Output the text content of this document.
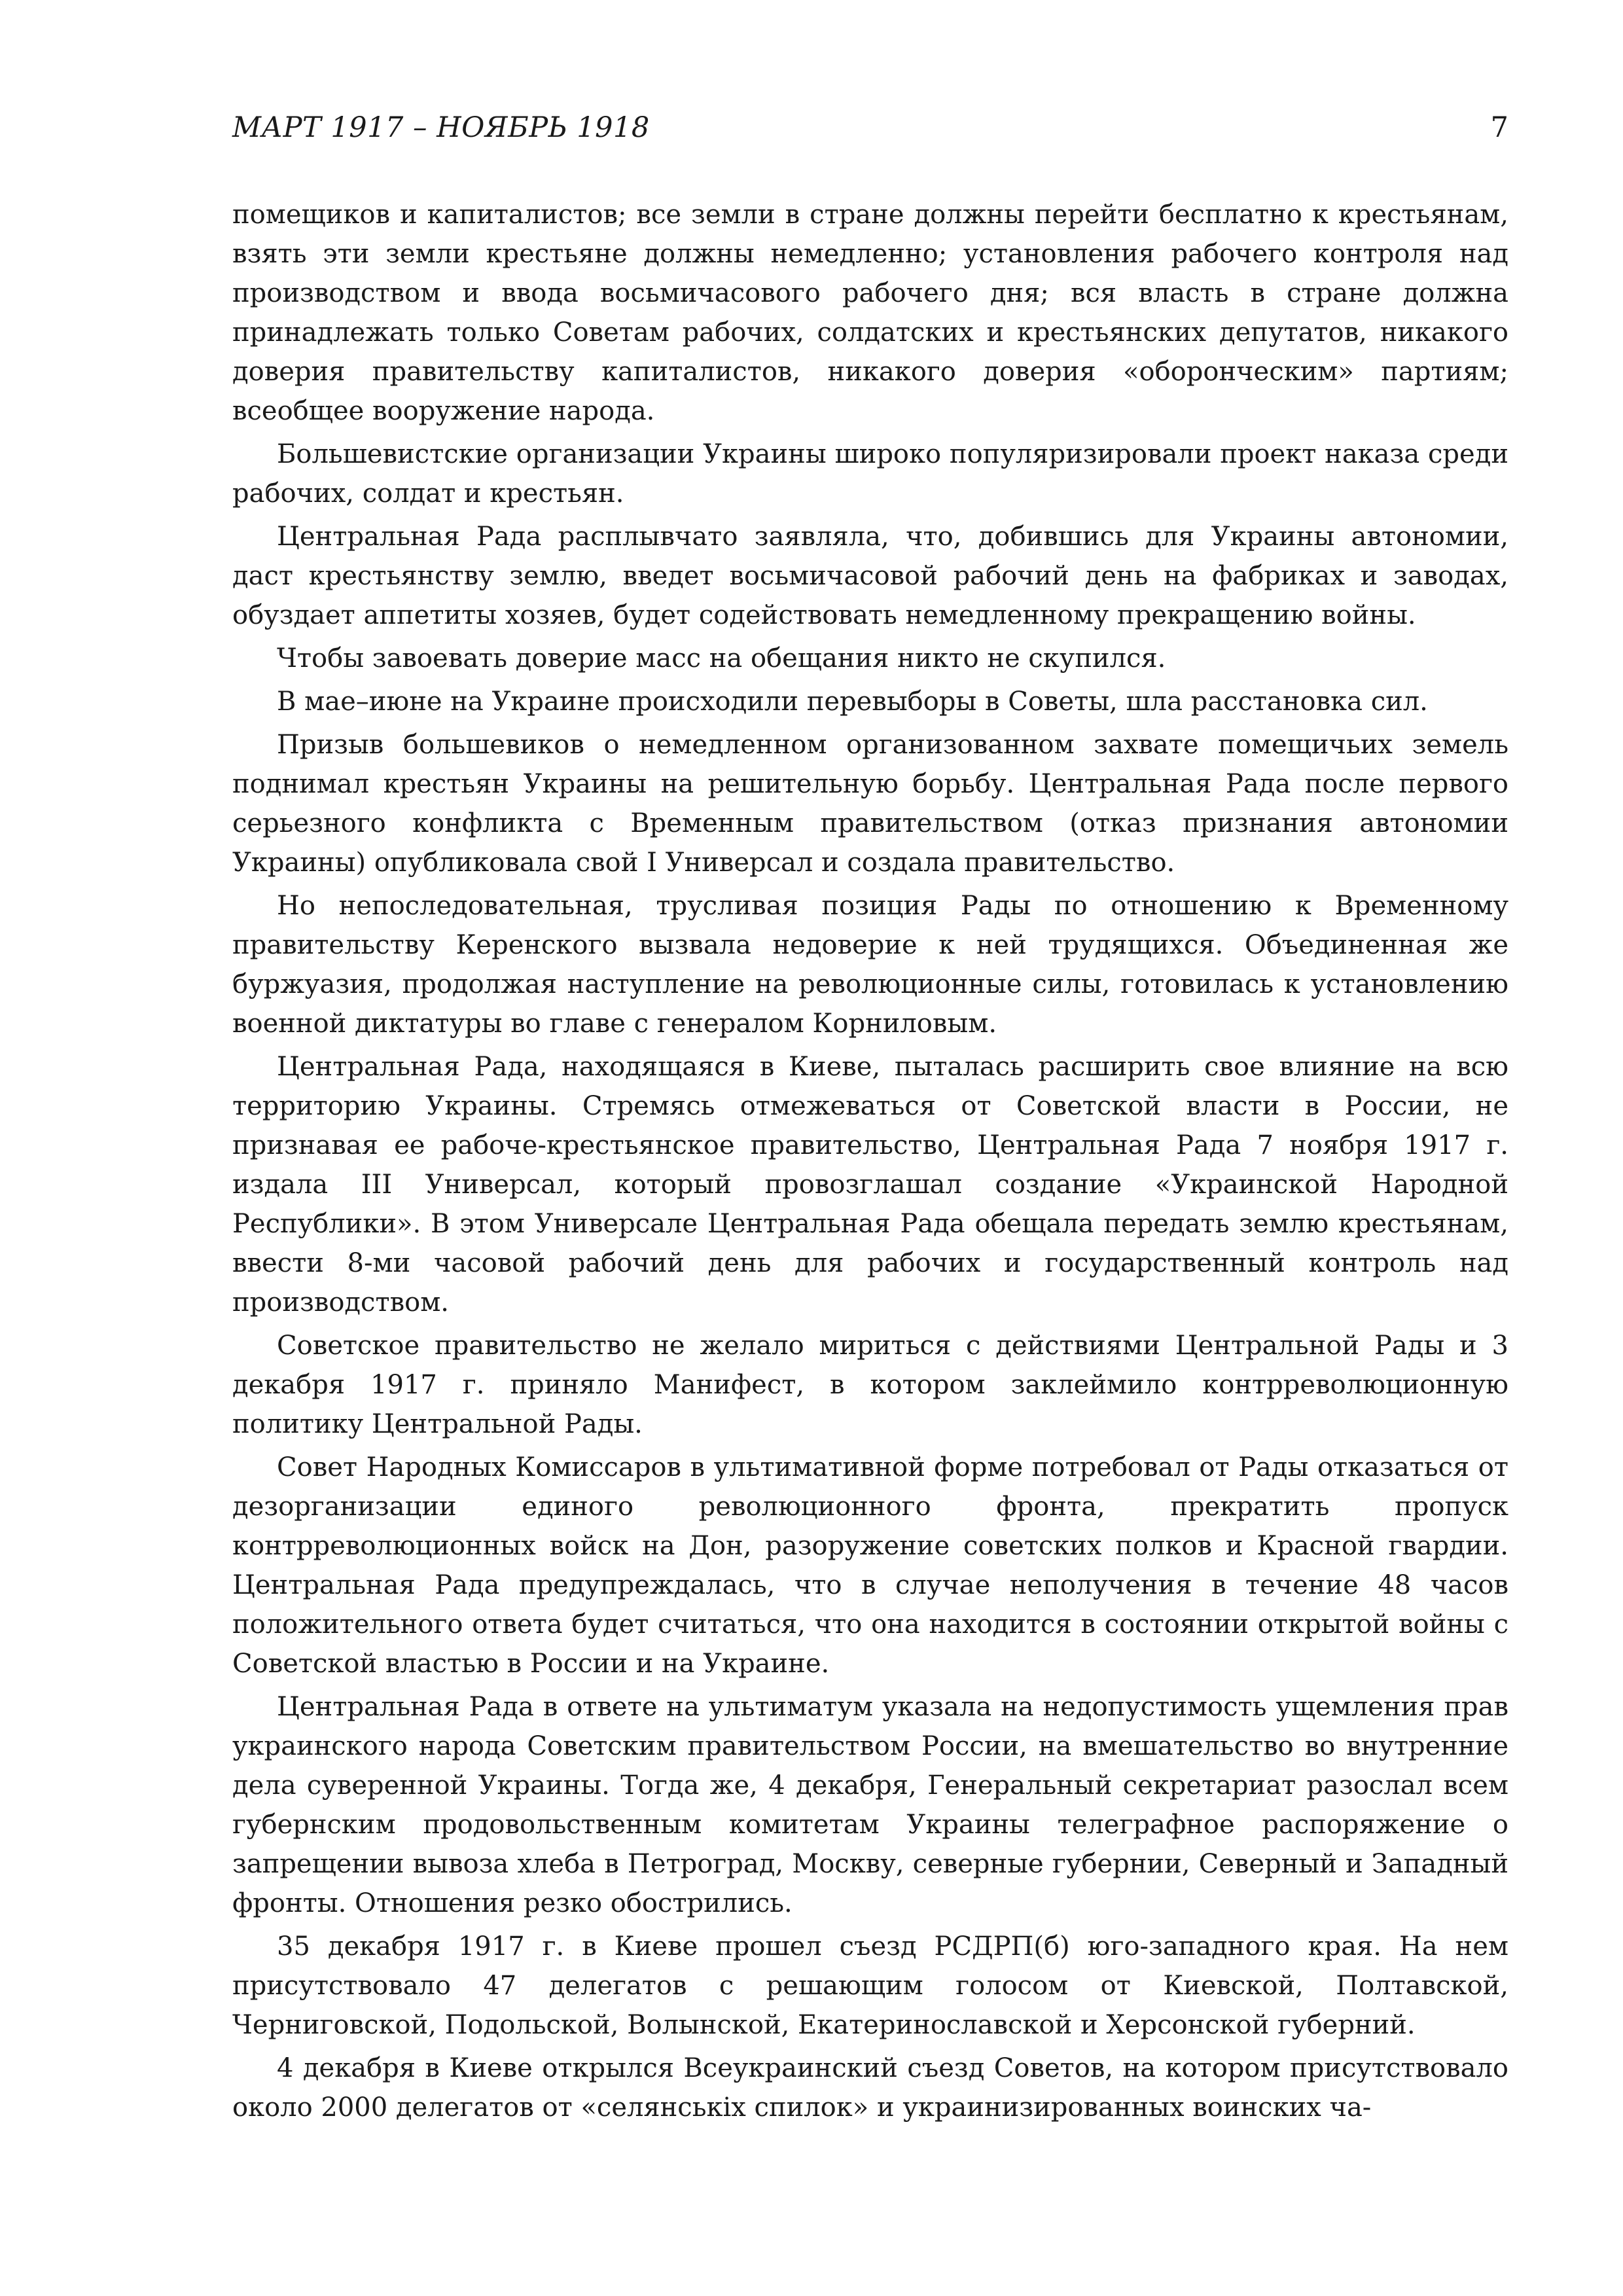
МАРТ 1917 – НОЯБРЬ 1918	7

помещиков и капиталистов; все земли в стране должны перейти бесплатно к крестьянам, взять эти земли крестьяне должны немедленно; установления рабочего контроля над производством и ввода восьмичасового рабочего дня; вся власть в стране должна принадлежать только Советам рабочих, солдатских и крестьянских депутатов, никакого доверия правительству капиталистов, никакого доверия «оборонческим» партиям; всеобщее вооружение народа.

Большевистские организации Украины широко популяризировали проект наказа среди рабочих, солдат и крестьян.

Центральная Рада расплывчато заявляла, что, добившись для Украины автономии, даст крестьянству землю, введет восьмичасовой рабочий день на фабриках и заводах, обуздает аппетиты хозяев, будет содействовать немедленному прекращению войны.

Чтобы завоевать доверие масс на обещания никто не скупился.

В мае–июне на Украине происходили перевыборы в Советы, шла расстановка сил.

Призыв большевиков о немедленном организованном захвате помещичьих земель поднимал крестьян Украины на решительную борьбу. Центральная Рада после первого серьезного конфликта с Временным правительством (отказ признания автономии Украины) опубликовала свой I Универсал и создала правительство.

Но непоследовательная, трусливая позиция Рады по отношению к Временному правительству Керенского вызвала недоверие к ней трудящихся. Объединенная же буржуазия, продолжая наступление на революционные силы, готовилась к установлению военной диктатуры во главе с генералом Корниловым.

Центральная Рада, находящаяся в Киеве, пыталась расширить свое влияние на всю территорию Украины. Стремясь отмежеваться от Советской власти в России, не признавая ее рабоче-крестьянское правительство, Центральная Рада 7 ноября 1917 г. издала III Универсал, который провозглашал создание «Украинской Народной Республики». В этом Универсале Центральная Рада обещала передать землю крестьянам, ввести 8-ми часовой рабочий день для рабочих и государственный контроль над производством.

Советское правительство не желало мириться с действиями Центральной Рады и 3 декабря 1917 г. приняло Манифест, в котором заклеймило контрреволюционную политику Центральной Рады.

Совет Народных Комиссаров в ультимативной форме потребовал от Рады отказаться от дезорганизации единого революционного фронта, прекратить пропуск контрреволюционных войск на Дон, разоружение советских полков и Красной гвардии. Центральная Рада предупреждалась, что в случае неполучения в течение 48 часов положительного ответа будет считаться, что она находится в состоянии открытой войны с Советской властью в России и на Украине.

Центральная Рада в ответе на ультиматум указала на недопустимость ущемления прав украинского народа Советским правительством России, на вмешательство во внутренние дела суверенной Украины. Тогда же, 4 декабря, Генеральный секретариат разослал всем губернским продовольственным комитетам Украины телеграфное распоряжение о запрещении вывоза хлеба в Петроград, Москву, северные губернии, Северный и Западный фронты. Отношения резко обострились.

35 декабря 1917 г. в Киеве прошел съезд РСДРП(б) юго-западного края. На нем присутствовало 47 делегатов с решающим голосом от Киевской, Полтавской, Черниговской, Подольской, Волынской, Екатеринославской и Херсонской губерний.

4 декабря в Киеве открылся Всеукраинский съезд Советов, на котором присутствовало около 2000 делегатов от «селянськiх спилок» и украинизированных воинских ча-
